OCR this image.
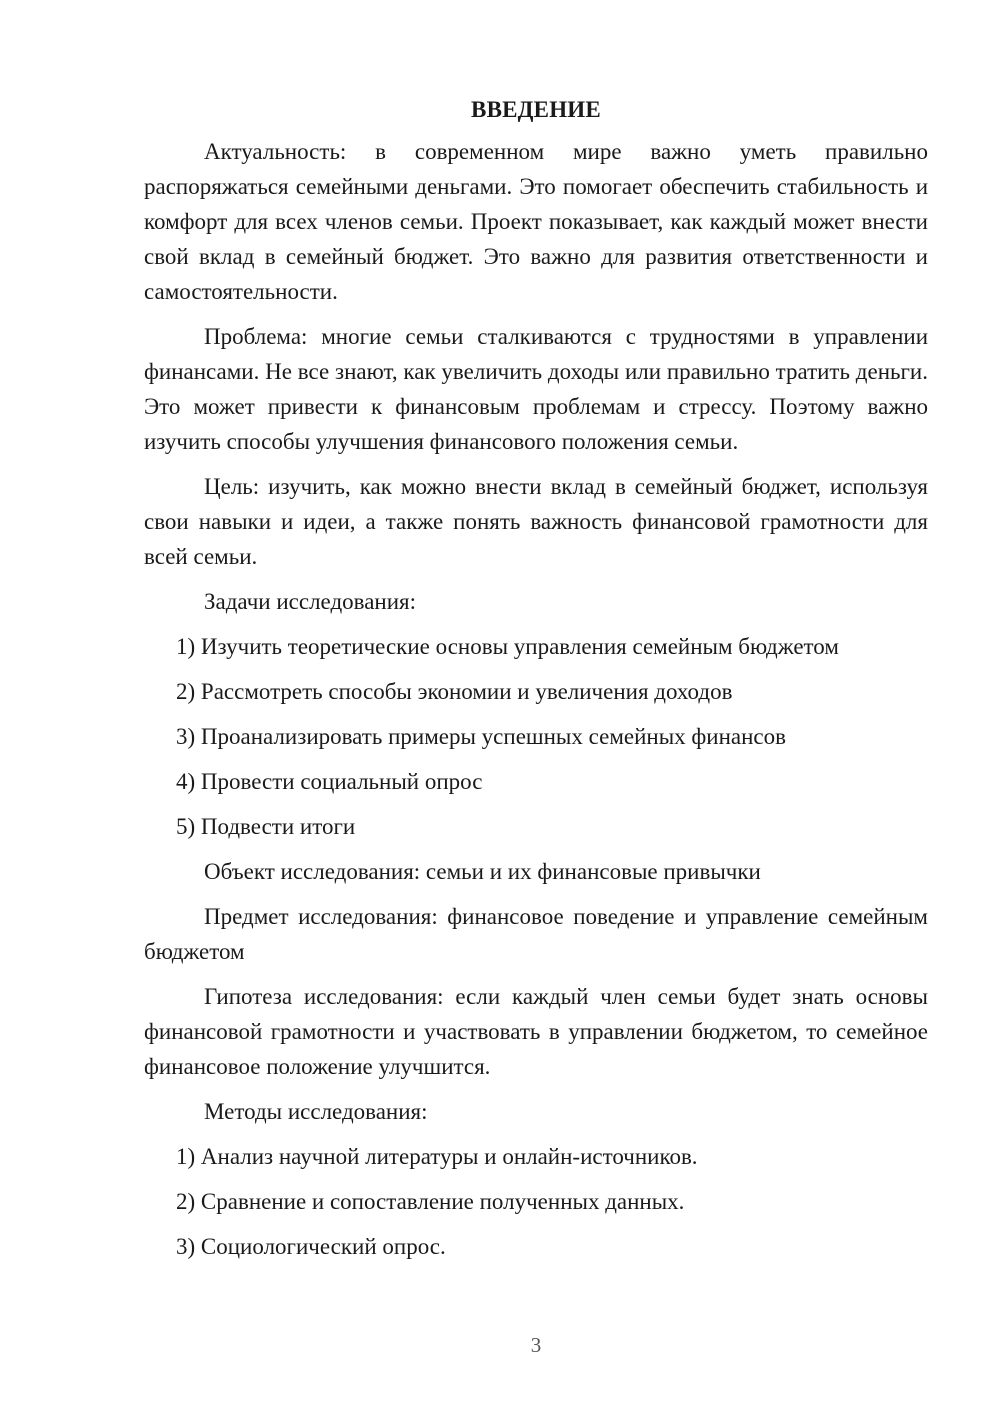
ВВЕДЕНИЕ

Актуальность: в современном мире важно уметь правильно распоряжаться семейными деньгами. Это помогает обеспечить стабильность и комфорт для всех членов семьи. Проект показывает, как каждый может внести свой вклад в семейный бюджет. Это важно для развития ответственности и самостоятельности.

Проблема: многие семьи сталкиваются с трудностями в управлении финансами. Не все знают, как увеличить доходы или правильно тратить деньги. Это может привести к финансовым проблемам и стрессу. Поэтому важно изучить способы улучшения финансового положения семьи.

Цель: изучить, как можно внести вклад в семейный бюджет, используя свои навыки и идеи, а также понять важность финансовой грамотности для всей семьи.

Задачи исследования:

1) Изучить теоретические основы управления семейным бюджетом
2) Рассмотреть способы экономии и увеличения доходов
3) Проанализировать примеры успешных семейных финансов
4) Провести социальный опрос
5) Подвести итоги

Объект исследования: семьи и их финансовые привычки

Предмет исследования: финансовое поведение и управление семейным бюджетом

Гипотеза исследования: если каждый член семьи будет знать основы финансовой грамотности и участвовать в управлении бюджетом, то семейное финансовое положение улучшится.

Методы исследования:

1) Анализ научной литературы и онлайн-источников.
2) Сравнение и сопоставление полученных данных.
3) Социологический опрос.
3
